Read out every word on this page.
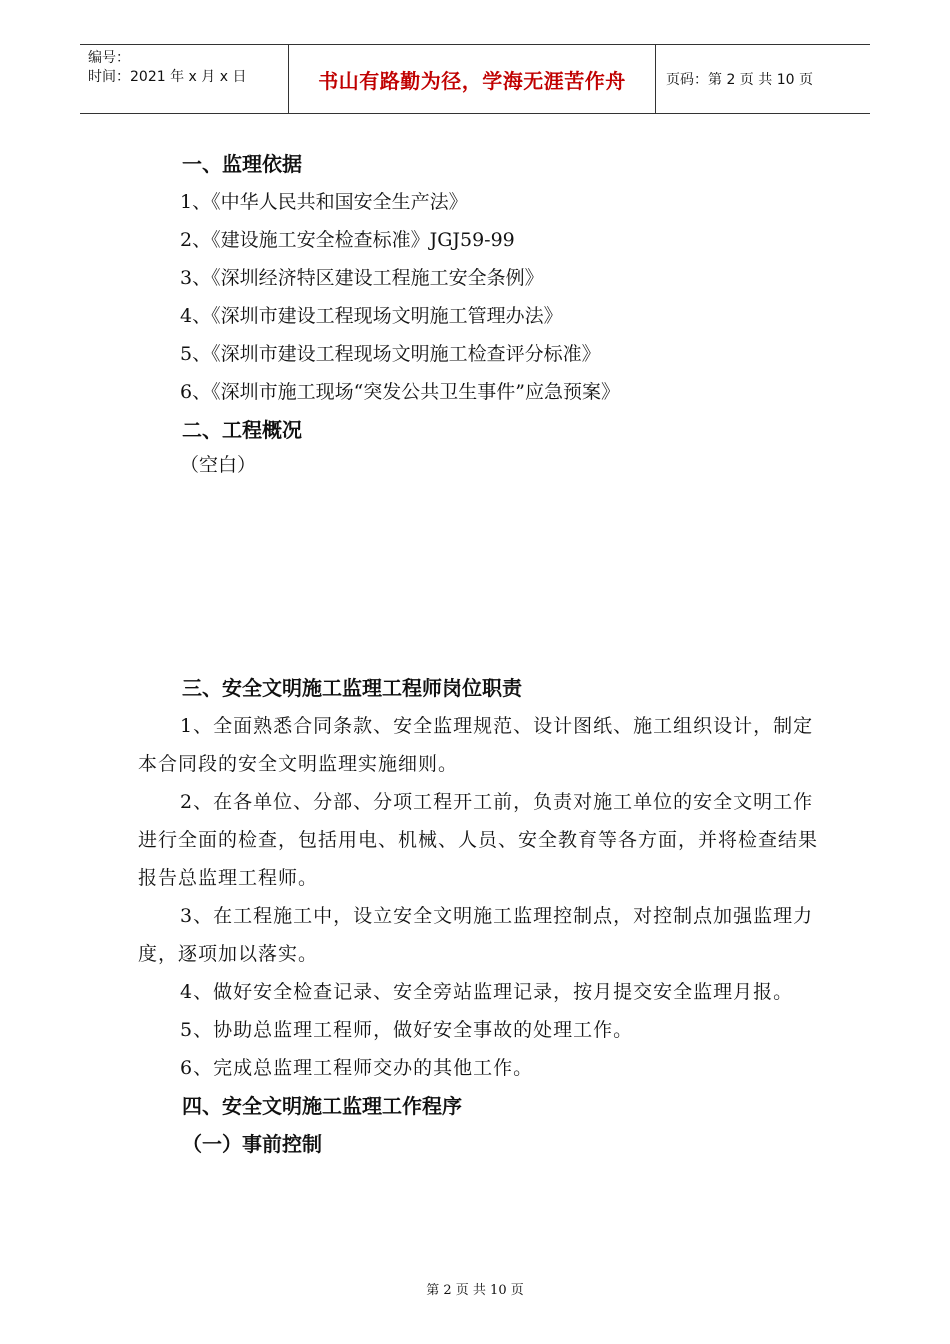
编号：
时间：2021 年 x 月 x 日	书山有路勤为径，学海无涯苦作舟	页码：第 2 页 共 10 页
一、监理依据
1、《中华人民共和国安全生产法》
2、《建设施工安全检查标准》JGJ59-99
3、《深圳经济特区建设工程施工安全条例》
4、《深圳市建设工程现场文明施工管理办法》
5、《深圳市建设工程现场文明施工检查评分标准》
6、《深圳市施工现场“突发公共卫生事件”应急预案》
二、工程概况
（空白）
三、安全文明施工监理工程师岗位职责

1、全面熟悉合同条款、安全监理规范、设计图纸、施工组织设计，制定本合同段的安全文明监理实施细则。

2、在各单位、分部、分项工程开工前，负责对施工单位的安全文明工作进行全面的检查，包括用电、机械、人员、安全教育等各方面，并将检查结果报告总监理工程师。

3、在工程施工中，设立安全文明施工监理控制点，对控制点加强监理力度，逐项加以落实。

4、做好安全检查记录、安全旁站监理记录，按月提交安全监理月报。

5、协助总监理工程师，做好安全事故的处理工作。

6、完成总监理工程师交办的其他工作。

四、安全文明施工监理工作程序
（一）事前控制
第 2 页 共 10 页
